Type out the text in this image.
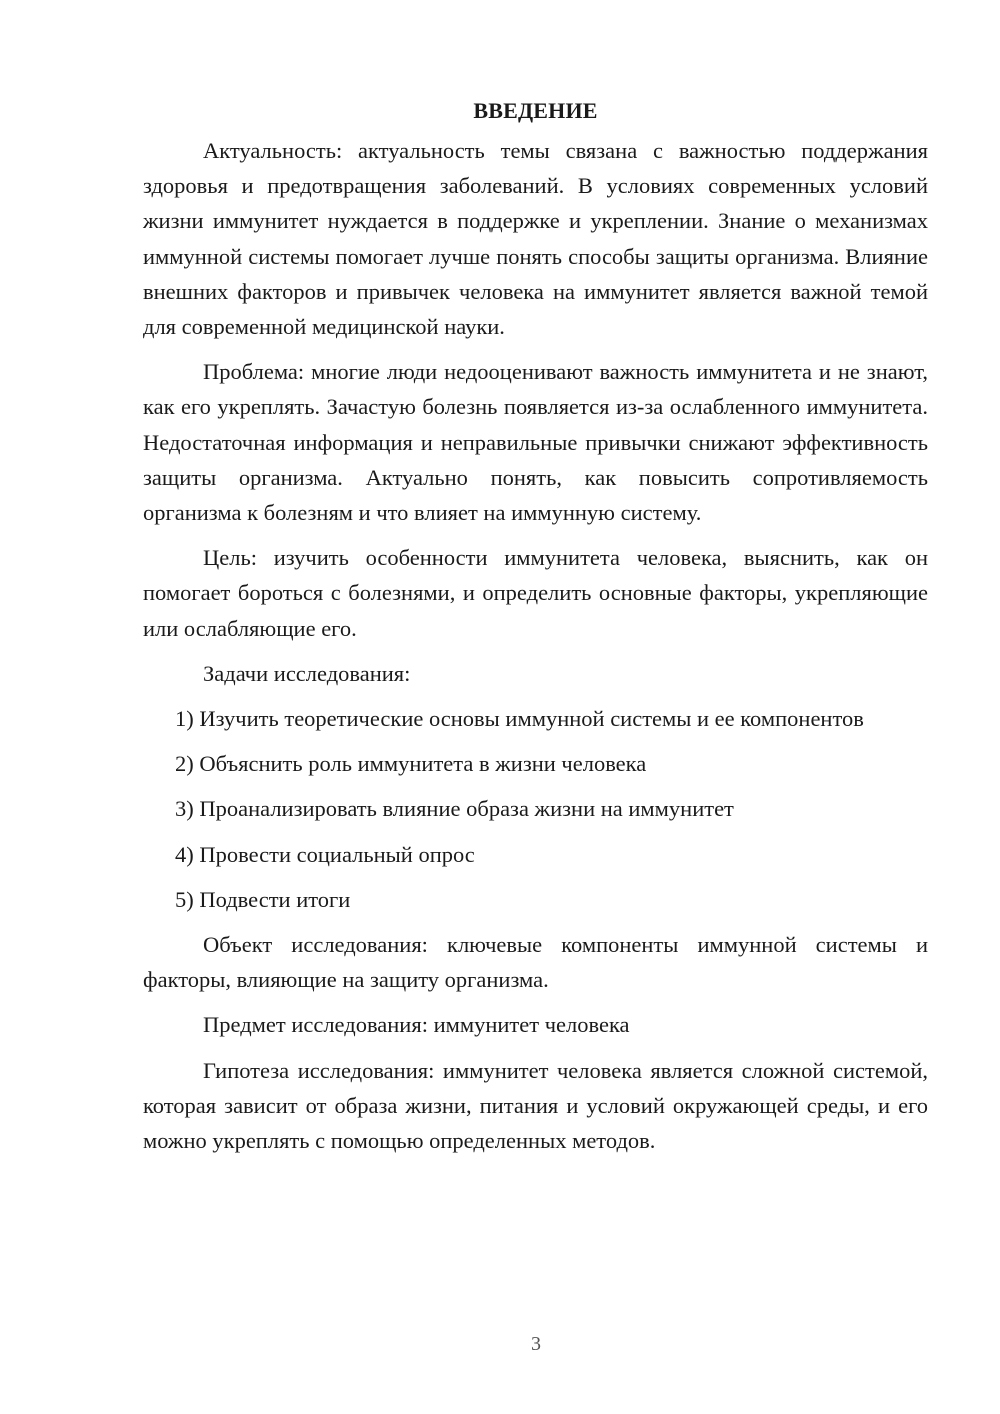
ВВЕДЕНИЕ

Актуальность: актуальность темы связана с важностью поддержания здоровья и предотвращения заболеваний. В условиях современных условий жизни иммунитет нуждается в поддержке и укреплении. Знание о механизмах иммунной системы помогает лучше понять способы защиты организма. Влияние внешних факторов и привычек человека на иммунитет является важной темой для современной медицинской науки.

Проблема: многие люди недооценивают важность иммунитета и не знают, как его укреплять. Зачастую болезнь появляется из-за ослабленного иммунитета. Недостаточная информация и неправильные привычки снижают эффективность защиты организма. Актуально понять, как повысить сопротивляемость организма к болезням и что влияет на иммунную систему.

Цель: изучить особенности иммунитета человека, выяснить, как он помогает бороться с болезнями, и определить основные факторы, укрепляющие или ослабляющие его.

Задачи исследования:

1) Изучить теоретические основы иммунной системы и ее компонентов

2) Объяснить роль иммунитета в жизни человека

3) Проанализировать влияние образа жизни на иммунитет

4) Провести социальный опрос

5) Подвести итоги

Объект исследования: ключевые компоненты иммунной системы и факторы, влияющие на защиту организма.

Предмет исследования: иммунитет человека

Гипотеза исследования: иммунитет человека является сложной системой, которая зависит от образа жизни, питания и условий окружающей среды, и его можно укреплять с помощью определенных методов.

3
